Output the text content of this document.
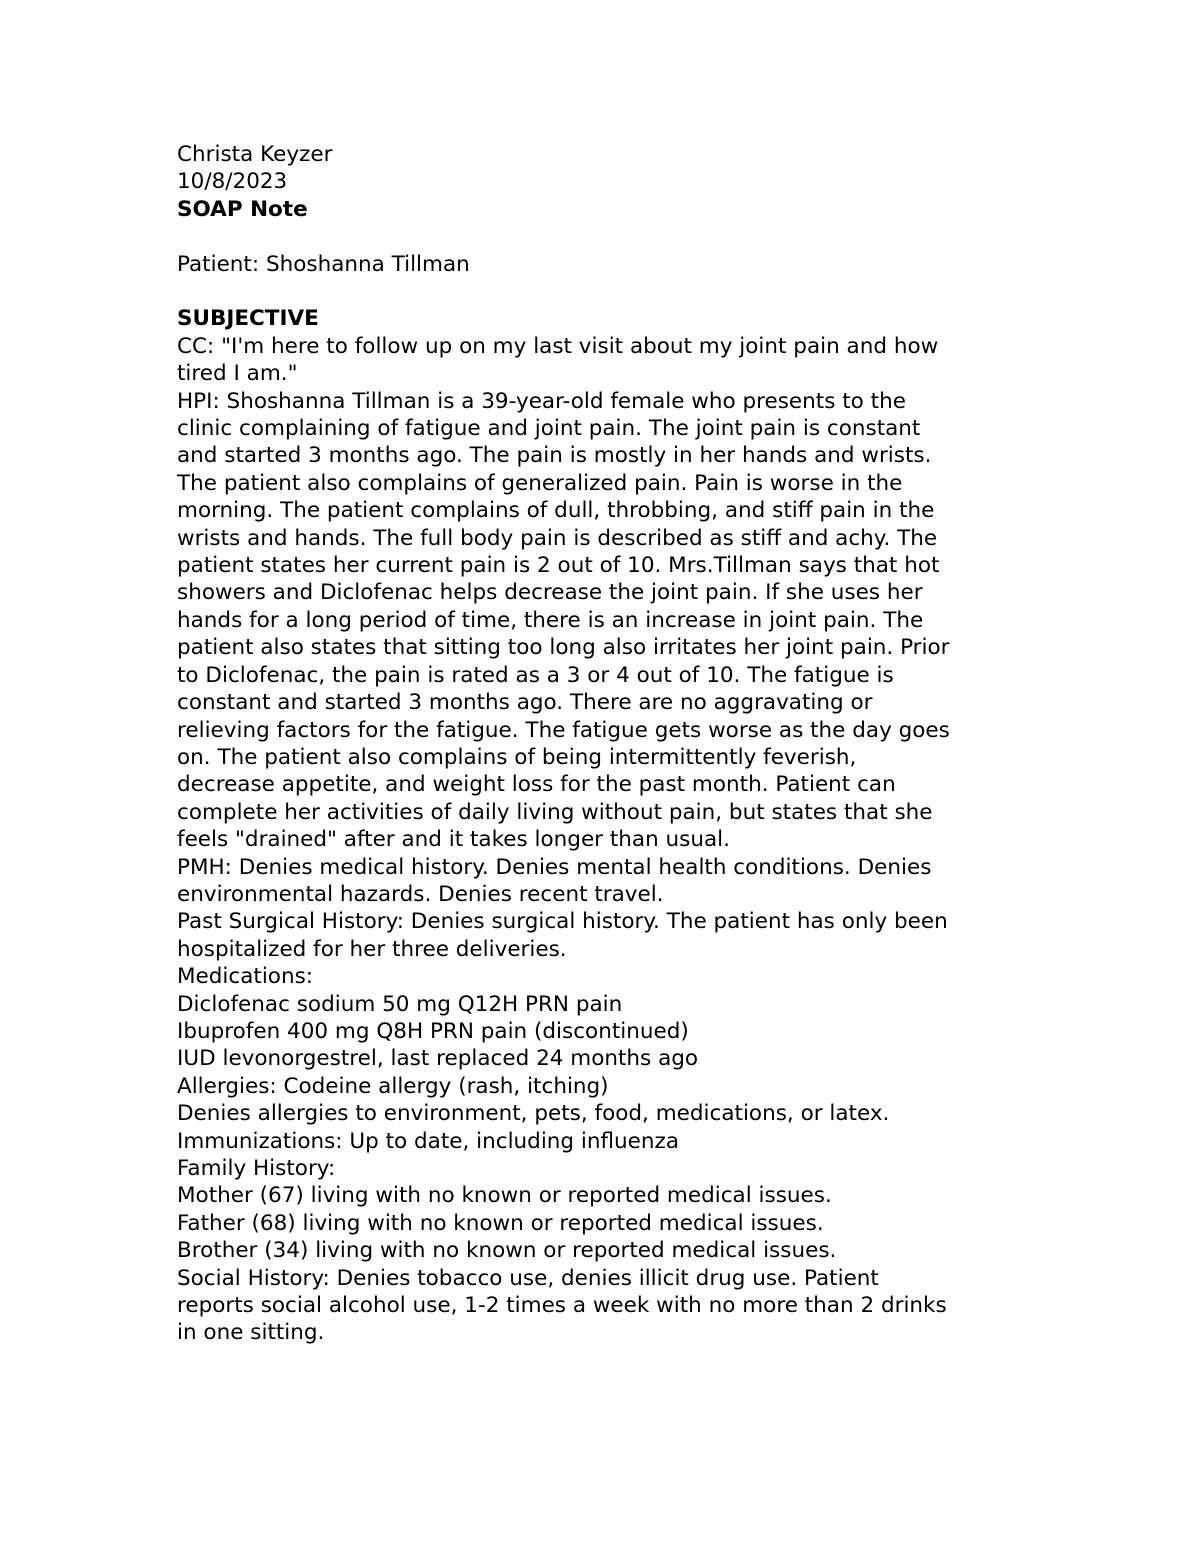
Christa Keyzer
10/8/2023
SOAP Note
Patient: Shoshanna Tillman
SUBJECTIVE
CC: "I'm here to follow up on my last visit about my joint pain and how
tired I am."
HPI: Shoshanna Tillman is a 39-year-old female who presents to the
clinic complaining of fatigue and joint pain. The joint pain is constant
and started 3 months ago. The pain is mostly in her hands and wrists.
The patient also complains of generalized pain. Pain is worse in the
morning. The patient complains of dull, throbbing, and stiff pain in the
wrists and hands. The full body pain is described as stiff and achy. The
patient states her current pain is 2 out of 10. Mrs.Tillman says that hot
showers and Diclofenac helps decrease the joint pain. If she uses her
hands for a long period of time, there is an increase in joint pain. The
patient also states that sitting too long also irritates her joint pain. Prior
to Diclofenac, the pain is rated as a 3 or 4 out of 10. The fatigue is
constant and started 3 months ago. There are no aggravating or
relieving factors for the fatigue. The fatigue gets worse as the day goes
on. The patient also complains of being intermittently feverish,
decrease appetite, and weight loss for the past month. Patient can
complete her activities of daily living without pain, but states that she
feels "drained" after and it takes longer than usual.
PMH: Denies medical history. Denies mental health conditions. Denies
environmental hazards. Denies recent travel.
Past Surgical History: Denies surgical history. The patient has only been
hospitalized for her three deliveries.
Medications:
Diclofenac sodium 50 mg Q12H PRN pain
Ibuprofen 400 mg Q8H PRN pain (discontinued)
IUD levonorgestrel, last replaced 24 months ago
Allergies: Codeine allergy (rash, itching)
Denies allergies to environment, pets, food, medications, or latex.
Immunizations: Up to date, including influenza
Family History:
Mother (67) living with no known or reported medical issues.
Father (68) living with no known or reported medical issues.
Brother (34) living with no known or reported medical issues.
Social History: Denies tobacco use, denies illicit drug use. Patient
reports social alcohol use, 1-2 times a week with no more than 2 drinks
in one sitting.
